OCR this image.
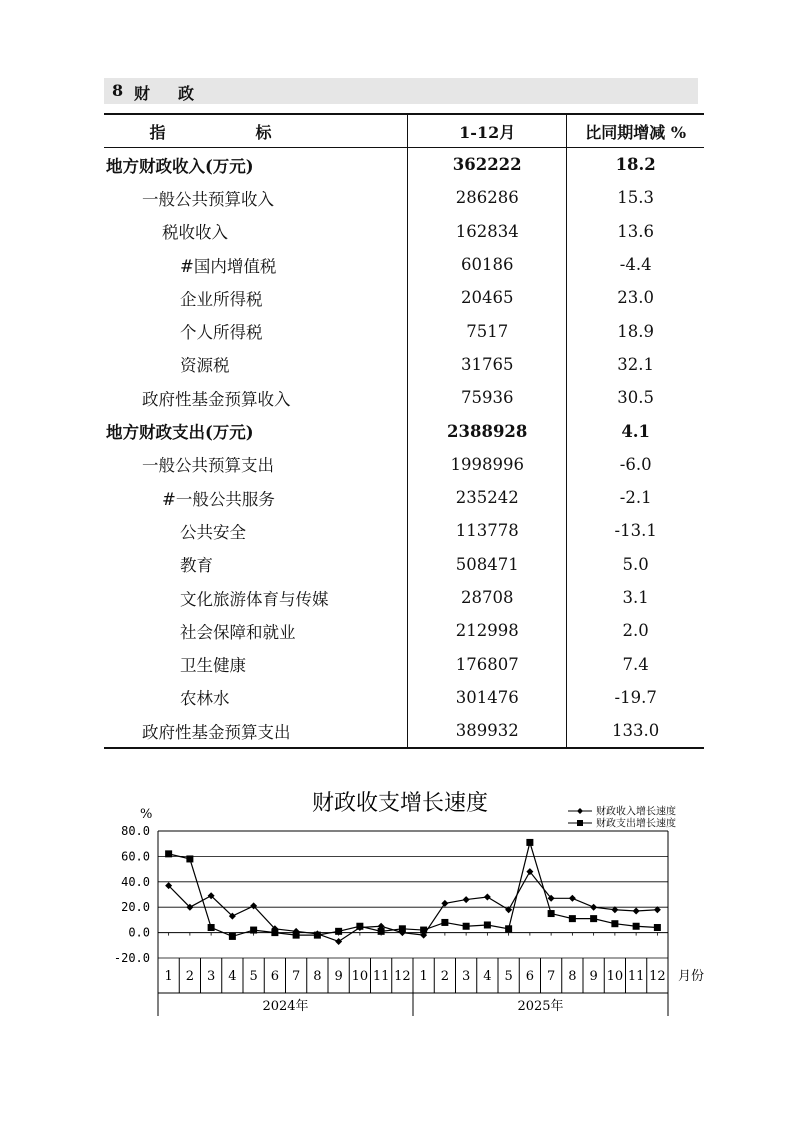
8 财政
指标	1-12月	比同期增减 %
地方财政收入(万元)	362222	18.2
一般公共预算收入	286286	15.3
税收收入	162834	13.6
#国内增值税	60186	-4.4
企业所得税	20465	23.0
个人所得税	7517	18.9
资源税	31765	32.1
政府性基金预算收入	75936	30.5
地方财政支出(万元)	2388928	4.1
一般公共预算支出	1998996	-6.0
#一般公共服务	235242	-2.1
公共安全	113778	-13.1
教育	508471	5.0
文化旅游体育与传媒	28708	3.1
社会保障和就业	212998	2.0
卫生健康	176807	7.4
农林水	301476	-19.7
政府性基金预算支出	389932	133.0
财政收支增长速度
%
80.0
60.0
40.0
20.0
0.0
-20.0
1 2 3 4 5 6 7 8 9 10 11 12 1 2 3 4 5 6 7 8 9 10 11 12
2024年	2025年
月份
财政收入增长速度
财政支出增长速度
